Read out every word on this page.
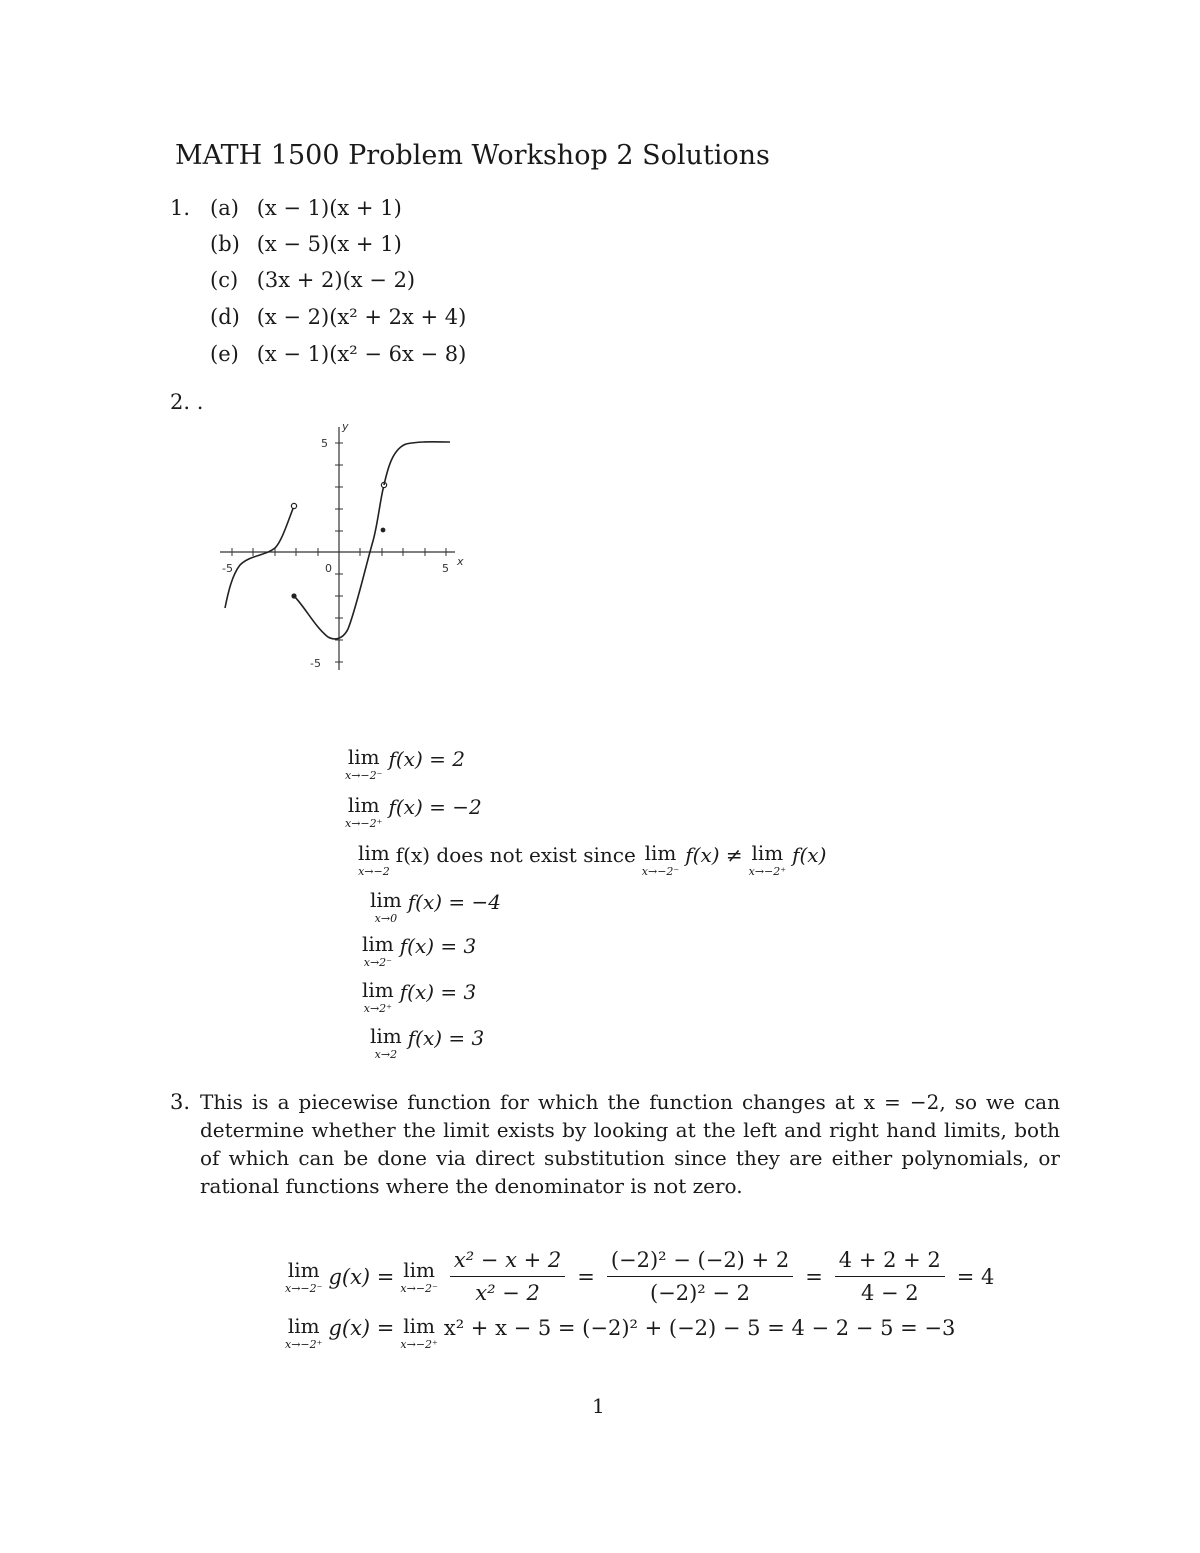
MATH 1500 Problem Workshop 2 Solutions
1. (a) (x − 1)(x + 1)
(b) (x − 5)(x + 1)
(c) (3x + 2)(x − 2)
(d) (x − 2)(x² + 2x + 4)
(e) (x − 1)(x² − 6x − 8)
2. .
y
x
5
-5
-5	5
0
lim
x→−2⁻
f(x) = 2
lim
x→−2⁺
f(x) = −2
lim
x→−2
f(x) does not exist since lim
x→−2⁻
f(x) ≠ lim
x→−2⁺
f(x)
lim
x→0
f(x) = −4
lim
x→2⁻
f(x) = 3
lim
x→2⁺
f(x) = 3
lim
x→2
f(x) = 3
3. This is a piecewise function for which the function changes at x = −2, so we can determine whether the limit exists by looking at the left and right hand limits, both of which can be done via direct substitution since they are either polynomials, or rational functions where the denominator is not zero.
lim
x→−2⁻ g(x) = lim
$x\to-2^- \frac{\text{x² − x + 2}}{\text{x² − 2}} = \frac{\text{(−2)² − (−2) + 2}}{\text{(−2)² − 2}} = \frac{4 + 2 + 2}{4 - 2} = 4$
lim
x→−2⁺
g(x) = lim
x→−2⁺
x² + x − 5 = (−2)² + (−2) − 5 = 4 − 2 − 5 = −3
1
